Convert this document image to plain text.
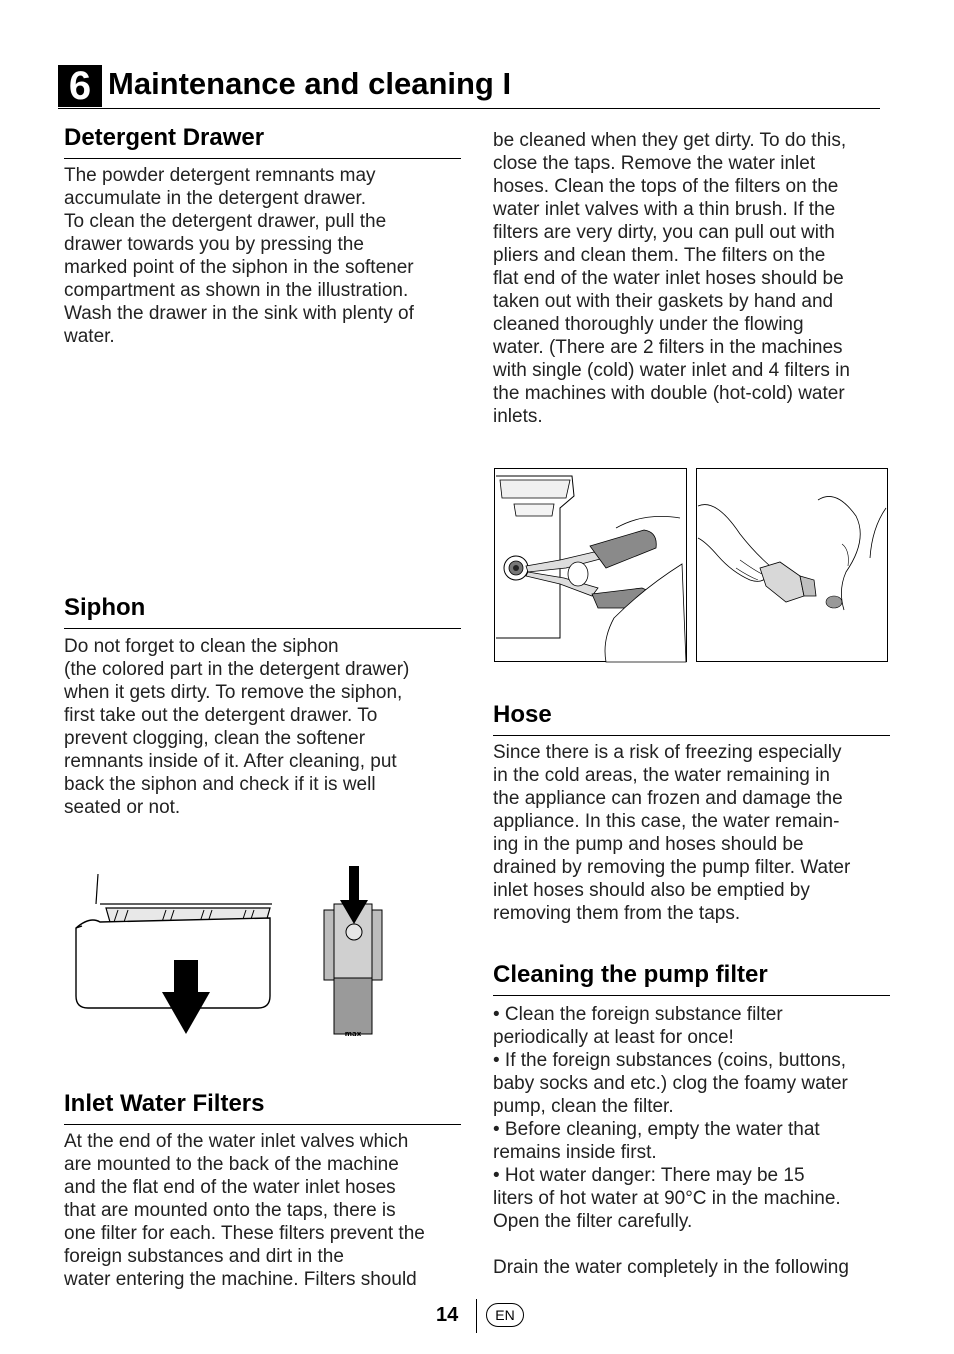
6 Maintenance and cleaning I
Detergent Drawer

The powder detergent remnants may
accumulate in the detergent drawer.
To clean the detergent drawer, pull the
drawer towards you by pressing the
marked point of the siphon in the softener
compartment as shown in the illustration.
Wash the drawer in the sink with plenty of
water.

Siphon

Do not forget to clean the siphon
(the colored part in the detergent drawer)
when it gets dirty. To remove the siphon,
first take out the detergent drawer. To
prevent clogging, clean the softener
remnants inside of it. After cleaning, put
back the siphon and check if it is well
seated or not.

max
Inlet Water Filters

At the end of the water inlet valves which
are mounted to the back of the machine
and the flat end of the water inlet hoses
that are mounted onto the taps, there is
one filter for each. These filters prevent the
foreign substances and dirt in the
water entering the machine. Filters should

be cleaned when they get dirty. To do this,
close the taps. Remove the water inlet
hoses. Clean the tops of the filters on the
water inlet valves with a thin brush. If the
filters are very dirty, you can pull out with
pliers and clean them. The filters on the
flat end of the water inlet hoses should be
taken out with their gaskets by hand and
cleaned thoroughly under the flowing
water. (There are 2 filters in the machines
with single (cold) water inlet and 4 filters in
the machines with double (hot-cold) water
inlets.

Hose

Since there is a risk of freezing especially
in the cold areas, the water remaining in
the appliance can frozen and damage the
appliance. In this case, the water remain-
ing in the pump and hoses should be
drained by removing the pump filter. Water
inlet hoses should also be emptied by
removing them from the taps.

Cleaning the pump filter

• Clean the foreign substance filter
periodically at least for once!
• If the foreign substances (coins, buttons,
baby socks and etc.) clog the foamy water
pump, clean the filter.
• Before cleaning, empty the water that
remains inside first.
• Hot water danger: There may be 15
liters of hot water at 90°C in the machine.
Open the filter carefully.

Drain the water completely in the following

14	EN
